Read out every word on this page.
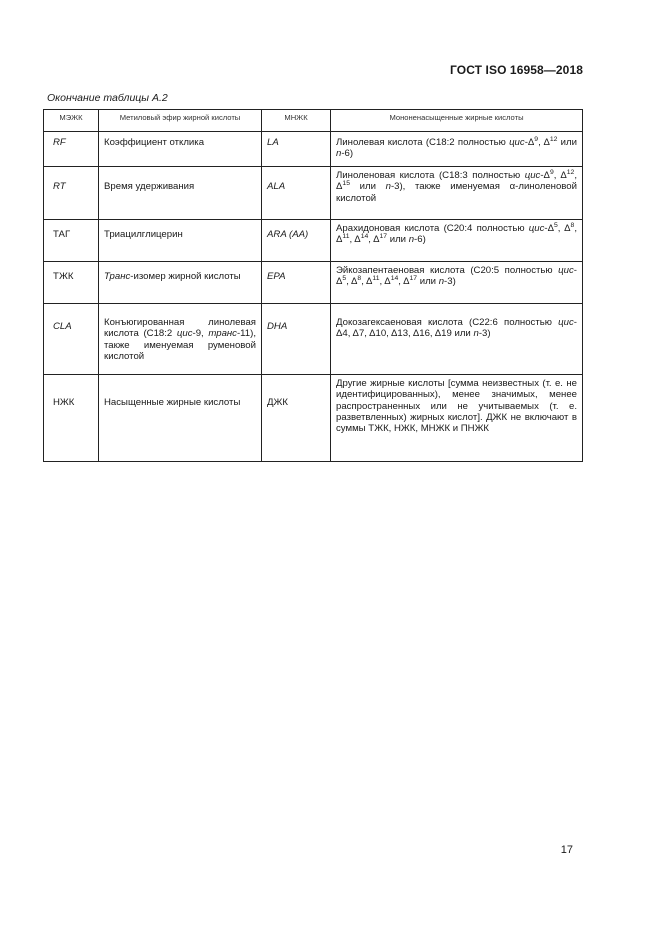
ГОСТ ISO 16958—2018
Окончание таблицы А.2
МЭЖК	Метиловый эфир жирной кислоты	МНЖК	Мононенасыщенные жирные кислоты
RF	Коэффициент отклика	LA	Линолевая кислота (С18:2 полностью цис-$\Delta^9$, $\Delta^{12}$ или n-6)
RT	Время удерживания	ALA	Линоленовая кислота (С18:3 полностью цис-$\Delta^9$, $\Delta^{12}$, $\Delta^{15}$ или n-3), также именуемая α-линоленовой кислотой
ТАГ	Триацилглицерин	ARA (AA)	Арахидоновая кислота (С20:4 полностью цис-$\Delta^5$, $\Delta^8$, $\Delta^{11}$, $\Delta^{14}$, $\Delta^{17}$ или n-6)
ТЖК	Транс-изомер жирной кислоты	EPA	Эйкозапентаеновая кислота (С20:5 полностью цис-$\Delta^5$, $\Delta^8$, $\Delta^{11}$, $\Delta^{14}$, $\Delta^{17}$ или n-3)
CLA	Конъюгированная линолевая кислота (С18:2 цис-9, транс-11), также именуемая руменовой кислотой	DHA	Докозагексаеновая кислота (С22:6 полностью цис-Δ4, Δ7, Δ10, Δ13, Δ16, Δ19 или n-3)
НЖК	Насыщенные жирные кислоты	ДЖК	Другие жирные кислоты [сумма неизвестных (т. е. не идентифицированных), менее значимых, менее распространенных или не учитываемых (т. е. разветвленных) жирных кислот]. ДЖК не включают в суммы ТЖК, НЖК, МНЖК и ПНЖК
17
